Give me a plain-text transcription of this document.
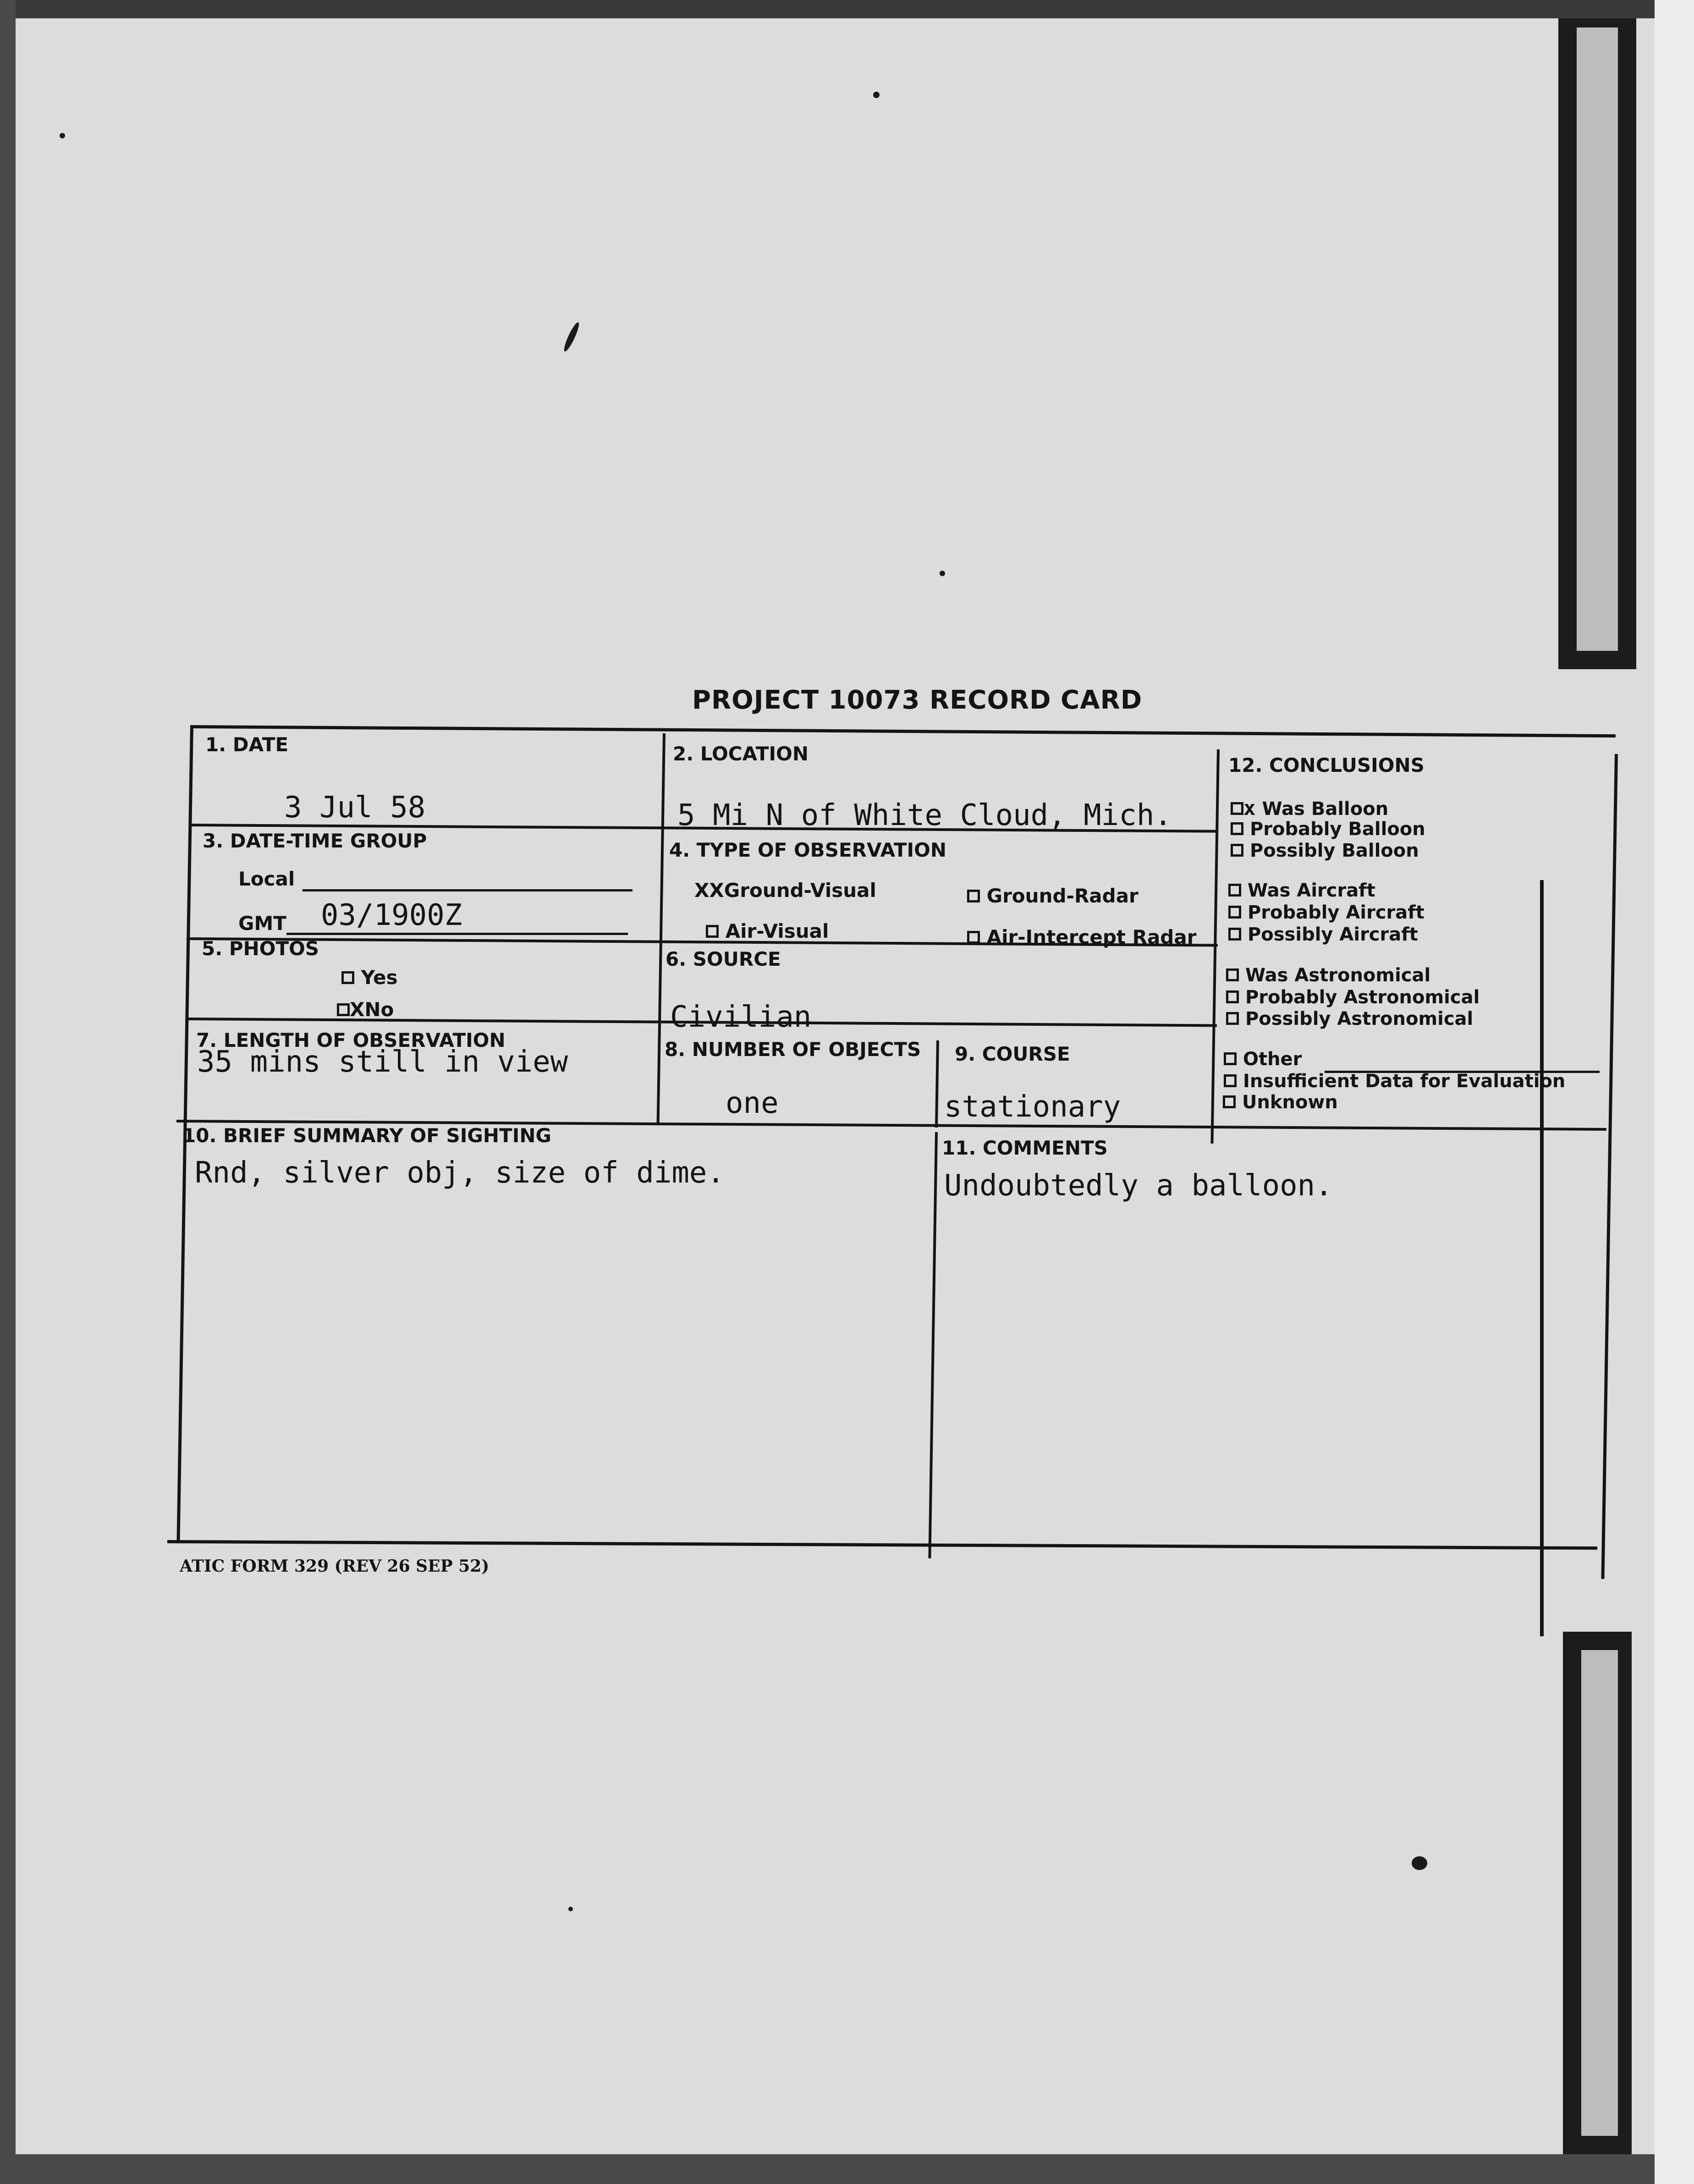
PROJECT 10073 RECORD CARD
1. DATE
3 Jul 58
2. LOCATION
5 Mi N of White Cloud, Mich.
3. DATE-TIME GROUP
Local
GMT 03/1900Z
4. TYPE OF OBSERVATION
XXGround-Visual	Ground-Radar
Air-Visual	Air-Intercept Radar
5. PHOTOS
Yes
XNo
6. SOURCE
Civilian
7. LENGTH OF OBSERVATION
35 mins still in view	8. NUMBER OF OBJECTS
one
9. COURSE
stationary
10. BRIEF SUMMARY OF SIGHTING
Rnd, silver obj, size of dime.
11. COMMENTS
Undoubtedly a balloon.
12. CONCLUSIONS
x Was Balloon
Probably Balloon
Possibly Balloon
Was Aircraft
Probably Aircraft
Possibly Aircraft
Was Astronomical
Probably Astronomical
Possibly Astronomical
Other
Insufficient Data for Evaluation
Unknown
ATIC FORM 329 (REV 26 SEP 52)
